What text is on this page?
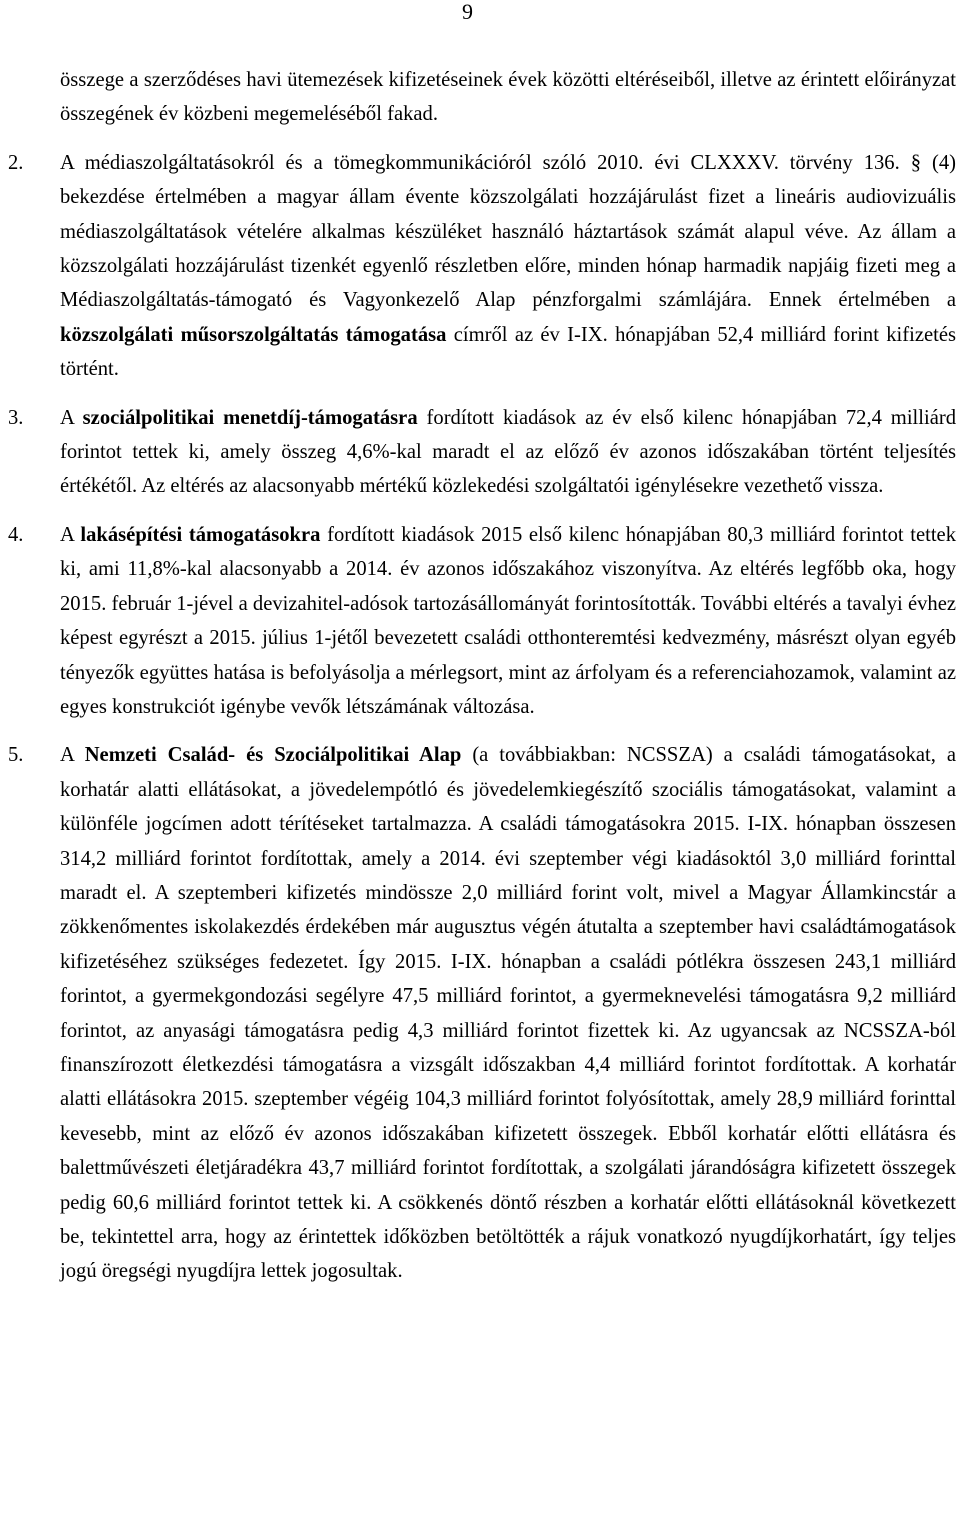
9
összege a szerződéses havi ütemezések kifizetéseinek évek közötti eltéréseiből, illetve az érintett előirányzat összegének év közbeni megemeléséből fakad.
2.	A médiaszolgáltatásokról és a tömegkommunikációról szóló 2010. évi CLXXXV. törvény 136. § (4) bekezdése értelmében a magyar állam évente közszolgálati hozzájárulást fizet a lineáris audiovizuális médiaszolgáltatások vételére alkalmas készüléket használó háztartások számát alapul véve. Az állam a közszolgálati hozzájárulást tizenkét egyenlő részletben előre, minden hónap harmadik napjáig fizeti meg a Médiaszolgáltatás-támogató és Vagyonkezelő Alap pénzforgalmi számlájára. Ennek értelmében a közszolgálati műsorszolgáltatás támogatása címről az év I-IX. hónapjában 52,4 milliárd forint kifizetés történt.
3.	A szociálpolitikai menetdíj-támogatásra fordított kiadások az év első kilenc hónapjában 72,4 milliárd forintot tettek ki, amely összeg 4,6%-kal maradt el az előző év azonos időszakában történt teljesítés értékétől. Az eltérés az alacsonyabb mértékű közlekedési szolgáltatói igénylésekre vezethető vissza.
4.	A lakásépítési támogatásokra fordított kiadások 2015 első kilenc hónapjában 80,3 milliárd forintot tettek ki, ami 11,8%-kal alacsonyabb a 2014. év azonos időszakához viszonyítva. Az eltérés legfőbb oka, hogy 2015. február 1-jével a devizahitel-adósok tartozásállományát forintosították. További eltérés a tavalyi évhez képest egyrészt a 2015. július 1-jétől bevezetett családi otthonteremtési kedvezmény, másrészt olyan egyéb tényezők együttes hatása is befolyásolja a mérlegsort, mint az árfolyam és a referenciahozamok, valamint az egyes konstrukciót igénybe vevők létszámának változása.
5.	A Nemzeti Család- és Szociálpolitikai Alap (a továbbiakban: NCSSZA) a családi támogatásokat, a korhatár alatti ellátásokat, a jövedelempótló és jövedelemkiegészítő szociális támogatásokat, valamint a különféle jogcímen adott térítéseket tartalmazza. A családi támogatásokra 2015. I-IX. hónapban összesen 314,2 milliárd forintot fordítottak, amely a 2014. évi szeptember végi kiadásoktól 3,0 milliárd forinttal maradt el. A szeptemberi kifizetés mindössze 2,0 milliárd forint volt, mivel a Magyar Államkincstár a zökkenőmentes iskolakezdés érdekében már augusztus végén átutalta a szeptember havi családtámogatások kifizetéséhez szükséges fedezetet. Így 2015. I-IX. hónapban a családi pótlékra összesen 243,1 milliárd forintot, a gyermekgondozási segélyre 47,5 milliárd forintot, a gyermeknevelési támogatásra 9,2 milliárd forintot, az anyasági támogatásra pedig 4,3 milliárd forintot fizettek ki. Az ugyancsak az NCSSZA-ból finanszírozott életkezdési támogatásra a vizsgált időszakban 4,4 milliárd forintot fordítottak. A korhatár alatti ellátásokra 2015. szeptember végéig 104,3 milliárd forintot folyósítottak, amely 28,9 milliárd forinttal kevesebb, mint az előző év azonos időszakában kifizetett összegek. Ebből korhatár előtti ellátásra és balettművészeti életjáradékra 43,7 milliárd forintot fordítottak, a szolgálati járandóságra kifizetett összegek pedig 60,6 milliárd forintot tettek ki. A csökkenés döntő részben a korhatár előtti ellátásoknál következett be, tekintettel arra, hogy az érintettek időközben betöltötték a rájuk vonatkozó nyugdíjkorhatárt, így teljes jogú öregségi nyugdíjra lettek jogosultak.
